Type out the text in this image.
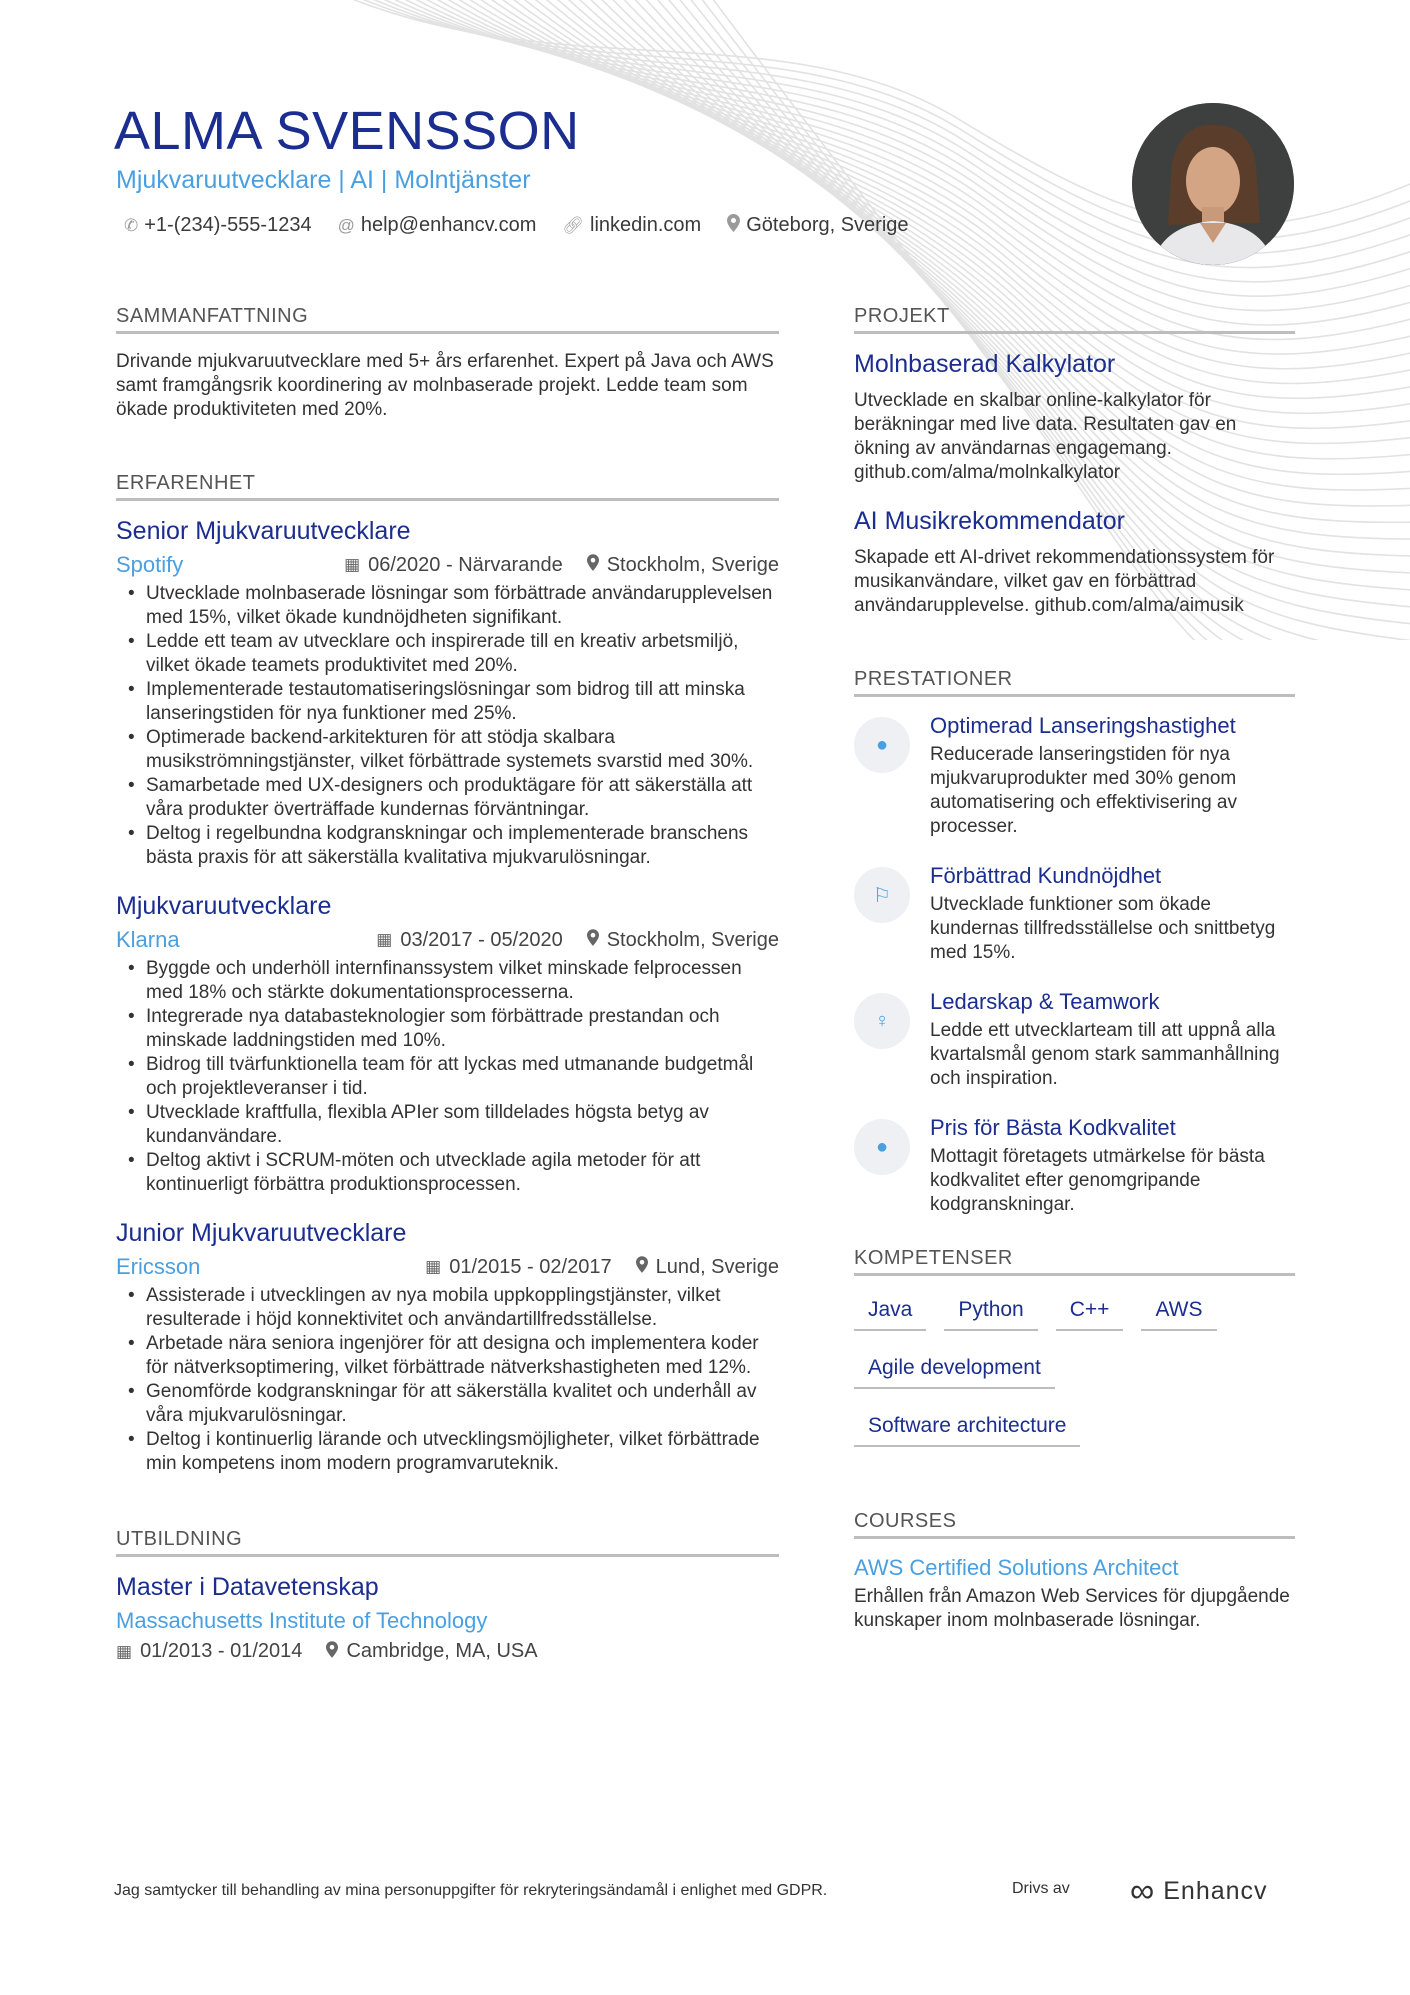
ALMA SVENSSON
Mjukvaruutvecklare | AI | Molntjänster
✆ +1-(234)-555-1234 @ help@enhancv.com 🔗︎ linkedin.com Göteborg, Sverige
SAMMANFATTNING
Drivande mjukvaruutvecklare med 5+ års erfarenhet. Expert på Java och AWS samt framgångsrik koordinering av molnbaserade projekt. Ledde team som ökade produktiviteten med 20%.
ERFARENHET
Senior Mjukvaruutvecklare
Spotify	▦ 06/2020 - Närvarande Stockholm, Sverige
• Utvecklade molnbaserade lösningar som förbättrade användarupplevelsen med 15%, vilket ökade kundnöjdheten signifikant.
• Ledde ett team av utvecklare och inspirerade till en kreativ arbetsmiljö, vilket ökade teamets produktivitet med 20%.
• Implementerade testautomatiseringslösningar som bidrog till att minska lanseringstiden för nya funktioner med 25%.
• Optimerade backend-arkitekturen för att stödja skalbara musikströmningstjänster, vilket förbättrade systemets svarstid med 30%.
• Samarbetade med UX-designers och produktägare för att säkerställa att våra produkter överträffade kundernas förväntningar.
• Deltog i regelbundna kodgranskningar och implementerade branschens bästa praxis för att säkerställa kvalitativa mjukvarulösningar.
Mjukvaruutvecklare
Klarna	▦ 03/2017 - 05/2020 Stockholm, Sverige
• Byggde och underhöll internfinanssystem vilket minskade felprocessen med 18% och stärkte dokumentationsprocesserna.
• Integrerade nya databasteknologier som förbättrade prestandan och minskade laddningstiden med 10%.
• Bidrog till tvärfunktionella team för att lyckas med utmanande budgetmål och projektleveranser i tid.
• Utvecklade kraftfulla, flexibla APIer som tilldelades högsta betyg av kundanvändare.
• Deltog aktivt i SCRUM-möten och utvecklade agila metoder för att kontinuerligt förbättra produktionsprocessen.
Junior Mjukvaruutvecklare
Ericsson	▦ 01/2015 - 02/2017 Lund, Sverige
• Assisterade i utvecklingen av nya mobila uppkopplingstjänster, vilket resulterade i höjd konnektivitet och användartillfredsställelse.
• Arbetade nära seniora ingenjörer för att designa och implementera koder för nätverksoptimering, vilket förbättrade nätverkshastigheten med 12%.
• Genomförde kodgranskningar för att säkerställa kvalitet och underhåll av våra mjukvarulösningar.
• Deltog i kontinuerlig lärande och utvecklingsmöjligheter, vilket förbättrade min kompetens inom modern programvaruteknik.
UTBILDNING
Master i Datavetenskap
Massachusetts Institute of Technology
▦ 01/2013 - 01/2014 Cambridge, MA, USA
PROJEKT
Molnbaserad Kalkylator
Utvecklade en skalbar online-kalkylator för beräkningar med live data. Resultaten gav en ökning av användarnas engagemang. github.com/alma/molnkalkylator
AI Musikrekommendator
Skapade ett AI-drivet rekommendationssystem för musikanvändare, vilket gav en förbättrad användarupplevelse. github.com/alma/aimusik
PRESTATIONER
●
Optimerad Lanseringshastighet
Reducerade lanseringstiden för nya mjukvaruprodukter med 30% genom automatisering och effektivisering av processer.
⚐
Förbättrad Kundnöjdhet
Utvecklade funktioner som ökade kundernas tillfredsställelse och snittbetyg med 15%.
♀
Ledarskap & Teamwork
Ledde ett utvecklarteam till att uppnå alla kvartalsmål genom stark sammanhållning och inspiration.
●
Pris för Bästa Kodkvalitet
Mottagit företagets utmärkelse för bästa kodkvalitet efter genomgripande kodgranskningar.
KOMPETENSER
Java	Python	C++	AWS
Agile development
Software architecture
COURSES
AWS Certified Solutions Architect
Erhållen från Amazon Web Services för djupgående kunskaper inom molnbaserade lösningar.
Jag samtycker till behandling av mina personuppgifter för rekryteringsändamål i enlighet med GDPR.	Drivs av ∞ Enhancv
